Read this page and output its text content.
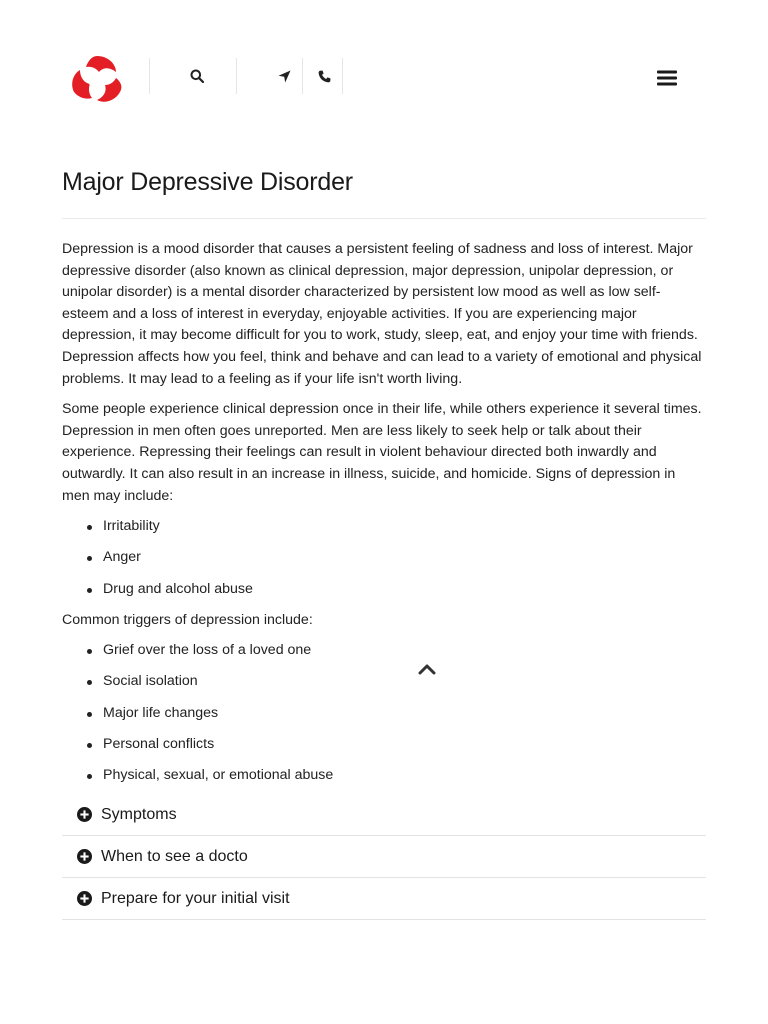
Major Depressive Disorder

Depression is a mood disorder that causes a persistent feeling of sadness and loss of interest. Major depressive disorder (also known as clinical depression, major depression, unipolar depression, or unipolar disorder) is a mental disorder characterized by persistent low mood as well as low self-esteem and a loss of interest in everyday, enjoyable activities. If you are experiencing major depression, it may become difficult for you to work, study, sleep, eat, and enjoy your time with friends. Depression affects how you feel, think and behave and can lead to a variety of emotional and physical problems. It may lead to a feeling as if your life isn't worth living.

Some people experience clinical depression once in their life, while others experience it several times. Depression in men often goes unreported. Men are less likely to seek help or talk about their experience. Repressing their feelings can result in violent behaviour directed both inwardly and outwardly. It can also result in an increase in illness, suicide, and homicide. Signs of depression in men may include:

Irritability
Anger
Drug and alcohol abuse

Common triggers of depression include:

Grief over the loss of a loved one
Social isolation
Major life changes
Personal conflicts
Physical, sexual, or emotional abuse
Symptoms
When to see a docto
Prepare for your initial visit
